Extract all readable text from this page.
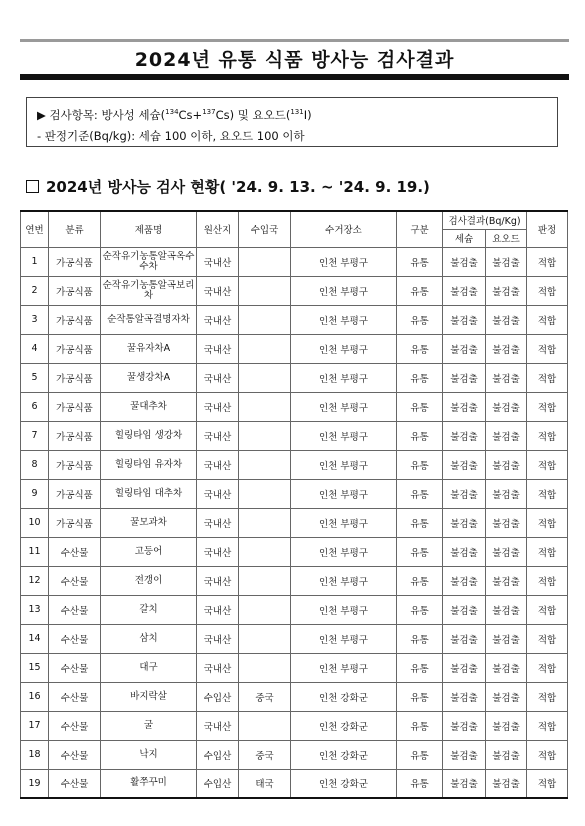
2024년 유통 식품 방사능 검사결과
▶ 검사항목: 방사성 세슘($^{134}$Cs+$^{137}$Cs) 및 요오드($^{131}$I)
- 판정기준(Bq/kg): 세슘 100 이하, 요오드 100 이하
2024년 방사능 검사 현황( '24. 9. 13. ~ '24. 9. 19.)
연번	분류	제품명	원산지	수입국	수거장소	구분	검사결과(Bq/Kg)		판정
							세슘	요오드	
1	가공식품	순작유기농통알곡옥수수차	국내산		인천 부평구	유통	불검출	불검출	적합
2	가공식품	순작유기농통알곡보리차	국내산		인천 부평구	유통	불검출	불검출	적합
3	가공식품	순작통알곡결명자차	국내산		인천 부평구	유통	불검출	불검출	적합
4	가공식품	꿀유자차A	국내산		인천 부평구	유통	불검출	불검출	적합
5	가공식품	꿀생강차A	국내산		인천 부평구	유통	불검출	불검출	적합
6	가공식품	꿀대추차	국내산		인천 부평구	유통	불검출	불검출	적합
7	가공식품	힐링타임 생강차	국내산		인천 부평구	유통	불검출	불검출	적합
8	가공식품	힐링타임 유자차	국내산		인천 부평구	유통	불검출	불검출	적합
9	가공식품	힐링타임 대추차	국내산		인천 부평구	유통	불검출	불검출	적합
10	가공식품	꿀모과차	국내산		인천 부평구	유통	불검출	불검출	적합
11	수산물	고등어	국내산		인천 부평구	유통	불검출	불검출	적합
12	수산물	전갱이	국내산		인천 부평구	유통	불검출	불검출	적합
13	수산물	갈치	국내산		인천 부평구	유통	불검출	불검출	적합
14	수산물	삼치	국내산		인천 부평구	유통	불검출	불검출	적합
15	수산물	대구	국내산		인천 부평구	유통	불검출	불검출	적합
16	수산물	바지락살	수입산	중국	인천 강화군	유통	불검출	불검출	적합
17	수산물	굴	국내산		인천 강화군	유통	불검출	불검출	적합
18	수산물	낙지	수입산	중국	인천 강화군	유통	불검출	불검출	적합
19	수산물	활쭈꾸미	수입산	태국	인천 강화군	유통	불검출	불검출	적합
